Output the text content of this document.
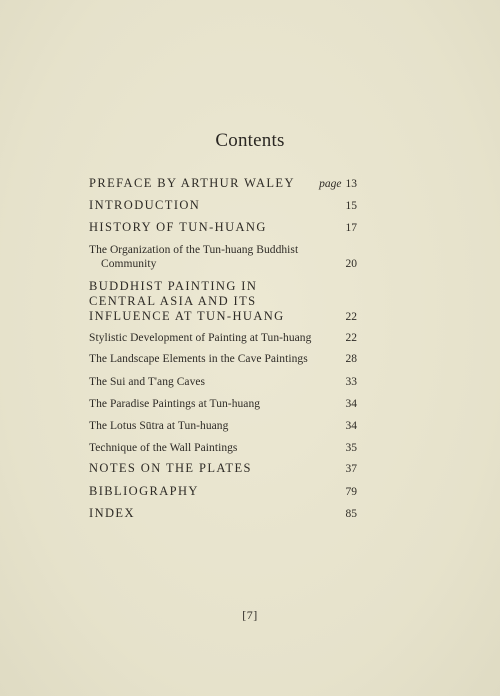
Contents
PREFACE BY ARTHUR WALEY page 13
INTRODUCTION	15
HISTORY OF TUN-HUANG	17
The Organization of the Tun-huang Buddhist Community	20
BUDDHIST PAINTING IN CENTRAL ASIA AND ITS INFLUENCE AT TUN-HUANG	22
Stylistic Development of Painting at Tun-huang	22
The Landscape Elements in the Cave Paintings	28
The Sui and T'ang Caves	33
The Paradise Paintings at Tun-huang	34
The Lotus Sūtra at Tun-huang	34
Technique of the Wall Paintings	35
NOTES ON THE PLATES	37
BIBLIOGRAPHY	79
INDEX	85
[7]
